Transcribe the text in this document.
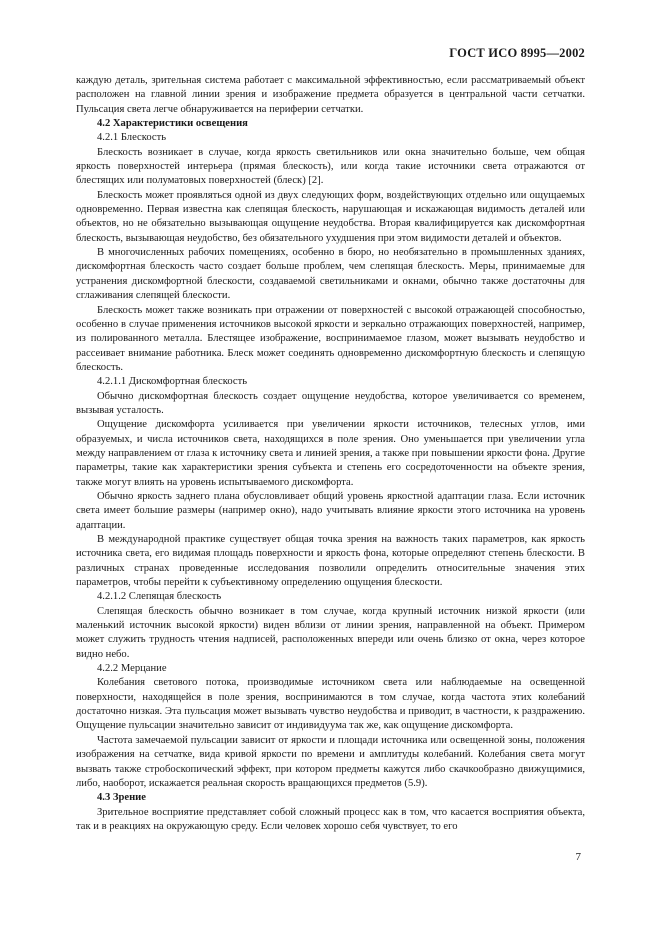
ГОСТ ИСО 8995—2002

каждую деталь, зрительная система работает с максимальной эффективностью, если рассматриваемый объект расположен на главной линии зрения и изображение предмета образуется в центральной части сетчатки. Пульсация света легче обнаруживается на периферии сетчатки.

4.2 Характеристики освещения

4.2.1 Блескость

Блескость возникает в случае, когда яркость светильников или окна значительно больше, чем общая яркость поверхностей интерьера (прямая блескость), или когда такие источники света отражаются от блестящих или полуматовых поверхностей (блеск) [2].

Блескость может проявляться одной из двух следующих форм, воздействующих отдельно или ощущаемых одновременно. Первая известна как слепящая блескость, нарушающая и искажающая видимость деталей или объектов, но не обязательно вызывающая ощущение неудобства. Вторая квалифицируется как дискомфортная блескость, вызывающая неудобство, без обязательного ухудшения при этом видимости деталей и объектов.

В многочисленных рабочих помещениях, особенно в бюро, но необязательно в промышленных зданиях, дискомфортная блескость часто создает больше проблем, чем слепящая блескость. Меры, принимаемые для устранения дискомфортной блескости, создаваемой светильниками и окнами, обычно также достаточны для сглаживания слепящей блескости.

Блескость может также возникать при отражении от поверхностей с высокой отражающей способностью, особенно в случае применения источников высокой яркости и зеркально отражающих поверхностей, например, из полированного металла. Блестящее изображение, воспринимаемое глазом, может вызывать неудобство и рассеивает внимание работника. Блеск может соединять одновременно дискомфортную блескость и слепящую блескость.

4.2.1.1 Дискомфортная блескость

Обычно дискомфортная блескость создает ощущение неудобства, которое увеличивается со временем, вызывая усталость.

Ощущение дискомфорта усиливается при увеличении яркости источников, телесных углов, ими образуемых, и числа источников света, находящихся в поле зрения. Оно уменьшается при увеличении угла между направлением от глаза к источнику света и линией зрения, а также при повышении яркости фона. Другие параметры, такие как характеристики зрения субъекта и степень его сосредоточенности на объекте зрения, также могут влиять на уровень испытываемого дискомфорта.

Обычно яркость заднего плана обусловливает общий уровень яркостной адаптации глаза. Если источник света имеет большие размеры (например окно), надо учитывать влияние яркости этого источника на уровень адаптации.

В международной практике существует общая точка зрения на важность таких параметров, как яркость источника света, его видимая площадь поверхности и яркость фона, которые определяют степень блескости. В различных странах проведенные исследования позволили определить относительные значения этих параметров, чтобы перейти к субъективному определению ощущения блескости.

4.2.1.2 Слепящая блескость

Слепящая блескость обычно возникает в том случае, когда крупный источник низкой яркости (или маленький источник высокой яркости) виден вблизи от линии зрения, направленной на объект. Примером может служить трудность чтения надписей, расположенных впереди или очень близко от окна, через которое видно небо.

4.2.2 Мерцание

Колебания светового потока, производимые источником света или наблюдаемые на освещенной поверхности, находящейся в поле зрения, воспринимаются в том случае, когда частота этих колебаний достаточно низкая. Эта пульсация может вызывать чувство неудобства и приводит, в частности, к раздражению. Ощущение пульсации значительно зависит от индивидуума так же, как ощущение дискомфорта.

Частота замечаемой пульсации зависит от яркости и площади источника или освещенной зоны, положения изображения на сетчатке, вида кривой яркости по времени и амплитуды колебаний. Колебания света могут вызвать также стробоскопический эффект, при котором предметы кажутся либо скачкообразно движущимися, либо, наоборот, искажается реальная скорость вращающихся предметов (5.9).

4.3 Зрение

Зрительное восприятие представляет собой сложный процесс как в том, что касается восприятия объекта, так и в реакциях на окружающую среду. Если человек хорошо себя чувствует, то его

7
